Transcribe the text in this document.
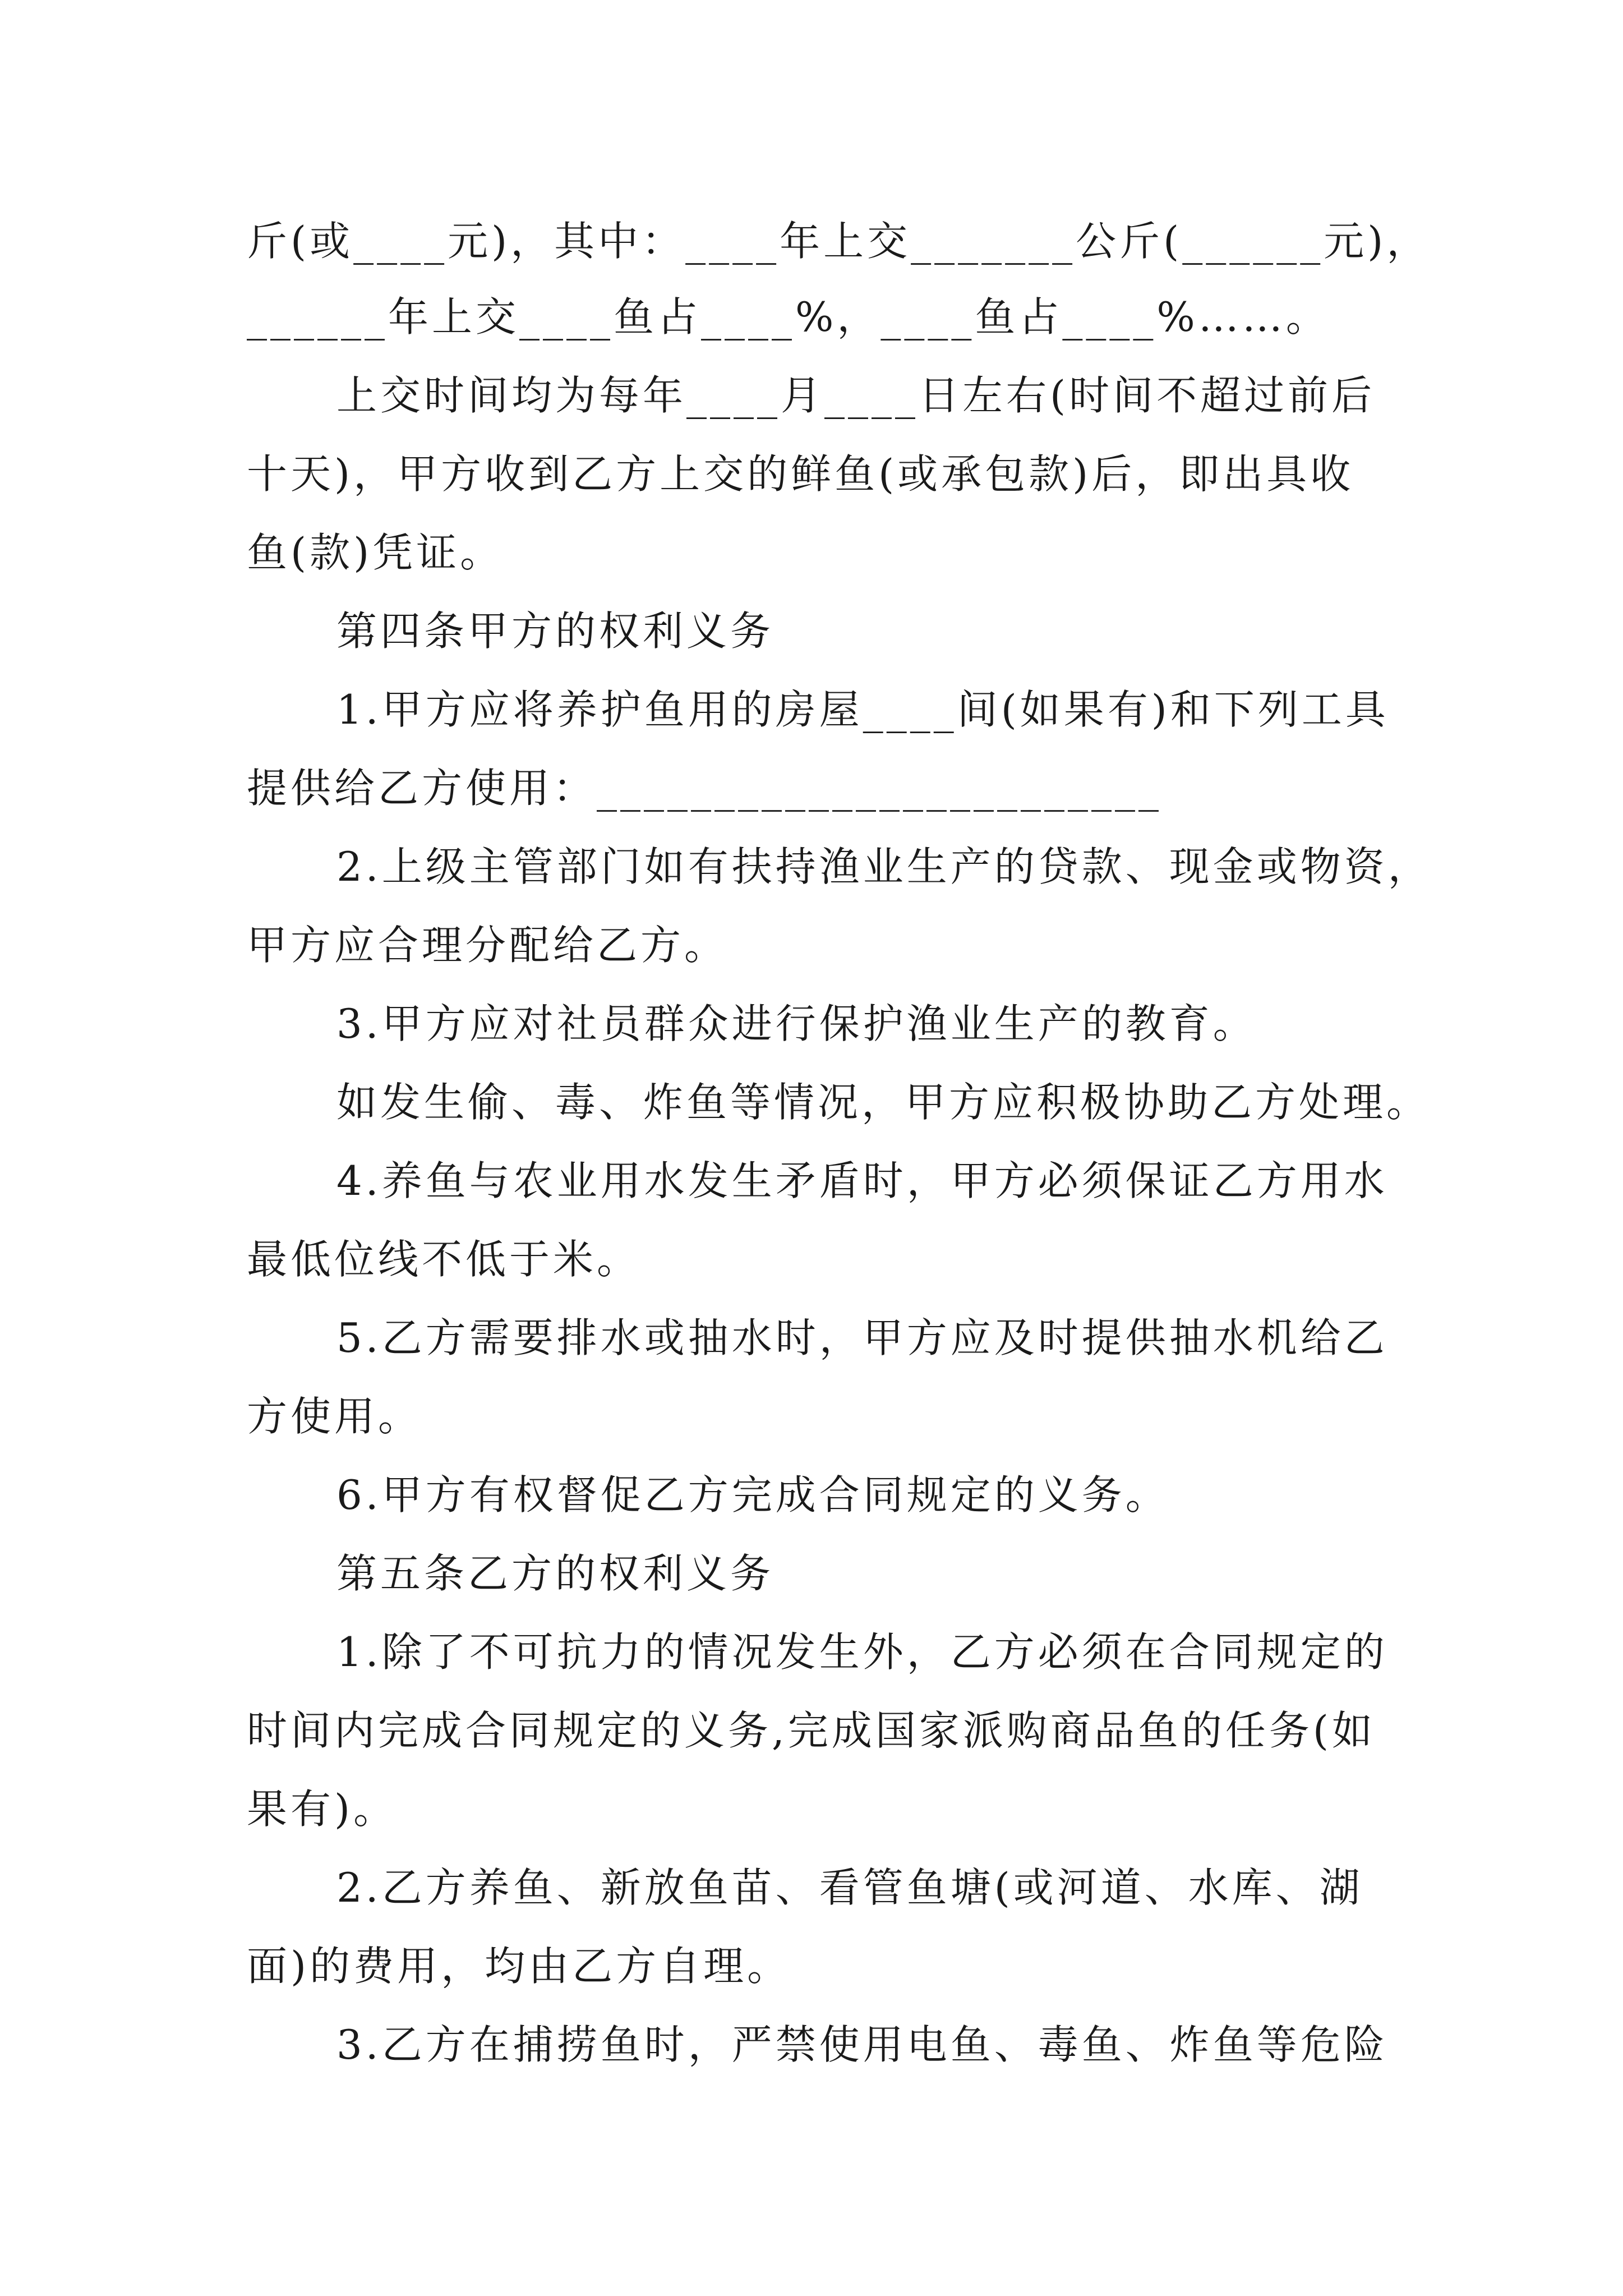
斤(或____元)，其中：____年上交_______公斤(______元)，
______年上交____鱼占____%，____鱼占____%……。
上交时间均为每年____月____日左右(时间不超过前后
十天)，甲方收到乙方上交的鲜鱼(或承包款)后，即出具收
鱼(款)凭证。
第四条甲方的权利义务
1.甲方应将养护鱼用的房屋____间(如果有)和下列工具
提供给乙方使用：________________________
2.上级主管部门如有扶持渔业生产的贷款、现金或物资，
甲方应合理分配给乙方。
3.甲方应对社员群众进行保护渔业生产的教育。
如发生偷、毒、炸鱼等情况，甲方应积极协助乙方处理。
4.养鱼与农业用水发生矛盾时，甲方必须保证乙方用水
最低位线不低于米。
5.乙方需要排水或抽水时，甲方应及时提供抽水机给乙
方使用。
6.甲方有权督促乙方完成合同规定的义务。
第五条乙方的权利义务
1.除了不可抗力的情况发生外，乙方必须在合同规定的
时间内完成合同规定的义务,完成国家派购商品鱼的任务(如
果有)。
2.乙方养鱼、新放鱼苗、看管鱼塘(或河道、水库、湖
面)的费用，均由乙方自理。
3.乙方在捕捞鱼时，严禁使用电鱼、毒鱼、炸鱼等危险
